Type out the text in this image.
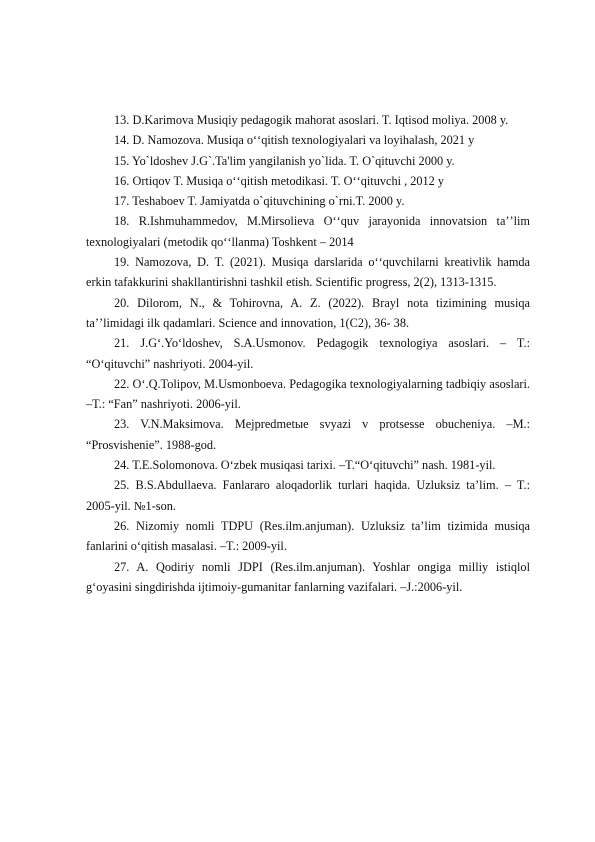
13. D.Karimova Musiqiy pedagogik mahorat asoslari. T. Iqtisod moliya. 2008 y.

14. D. Namozova. Musiqa oʻʻqitish texnologiyalari va loyihalash, 2021 y

15. Yo`ldoshev J.G`.Ta'lim yangilanish yo`lida. T. O`qituvchi 2000 y.

16. Ortiqov T. Musiqa oʻʻqitish metodikasi. T. Oʻʻqituvchi , 2012 y

17. Teshaboev T. Jamiyatda o`qituvchining o`rni.T. 2000 y.

18. R.Ishmuhammedov, M.Mirsolieva Oʻʻquv jarayonida innovatsion taʼʼlim texnologiyalari (metodik qoʻʻllanma) Toshkent – 2014

19. Namozova, D. T. (2021). Musiqa darslarida oʻʻquvchilarni kreativlik hamda erkin tafakkurini shakllantirishni tashkil etish. Scientific progress, 2(2), 1313-1315.

20. Dilorom, N., & Tohirovna, A. Z. (2022). Brayl nota tizimining musiqa taʼʼlimidagi ilk qadamlari. Science and innovation, 1(C2), 36- 38.

21. J.G‘.Yo‘ldoshev, S.A.Usmonov. Pedagogik texnologiya asoslari. – T.: “O‘qituvchi” nashriyoti. 2004-yil.

22. O‘.Q.Tolipov, M.Usmonboeva. Pedagogika texnologiyalarning tadbiqiy asoslari. –T.: “Fan” nashriyoti. 2006-yil.

23. V.N.Maksimova. Mejpredmetыe svyazi v protsesse obucheniya. –M.: “Prosvishenie”. 1988-god.

24. T.E.Solomonova. O‘zbek musiqasi tarixi. –T.“O‘qituvchi” nash. 1981-yil.

25. B.S.Abdullaeva. Fanlararo aloqadorlik turlari haqida. Uzluksiz ta’lim. – T.: 2005-yil. №1-son.

26. Nizomiy nomli TDPU (Res.ilm.anjuman). Uzluksiz ta’lim tizimida musiqa fanlarini o‘qitish masalasi. –T.: 2009-yil.

27. A. Qodiriy nomli JDPI (Res.ilm.anjuman). Yoshlar ongiga milliy istiqlol g‘oyasini singdirishda ijtimoiy-gumanitar fanlarning vazifalari. –J.:2006-yil.
